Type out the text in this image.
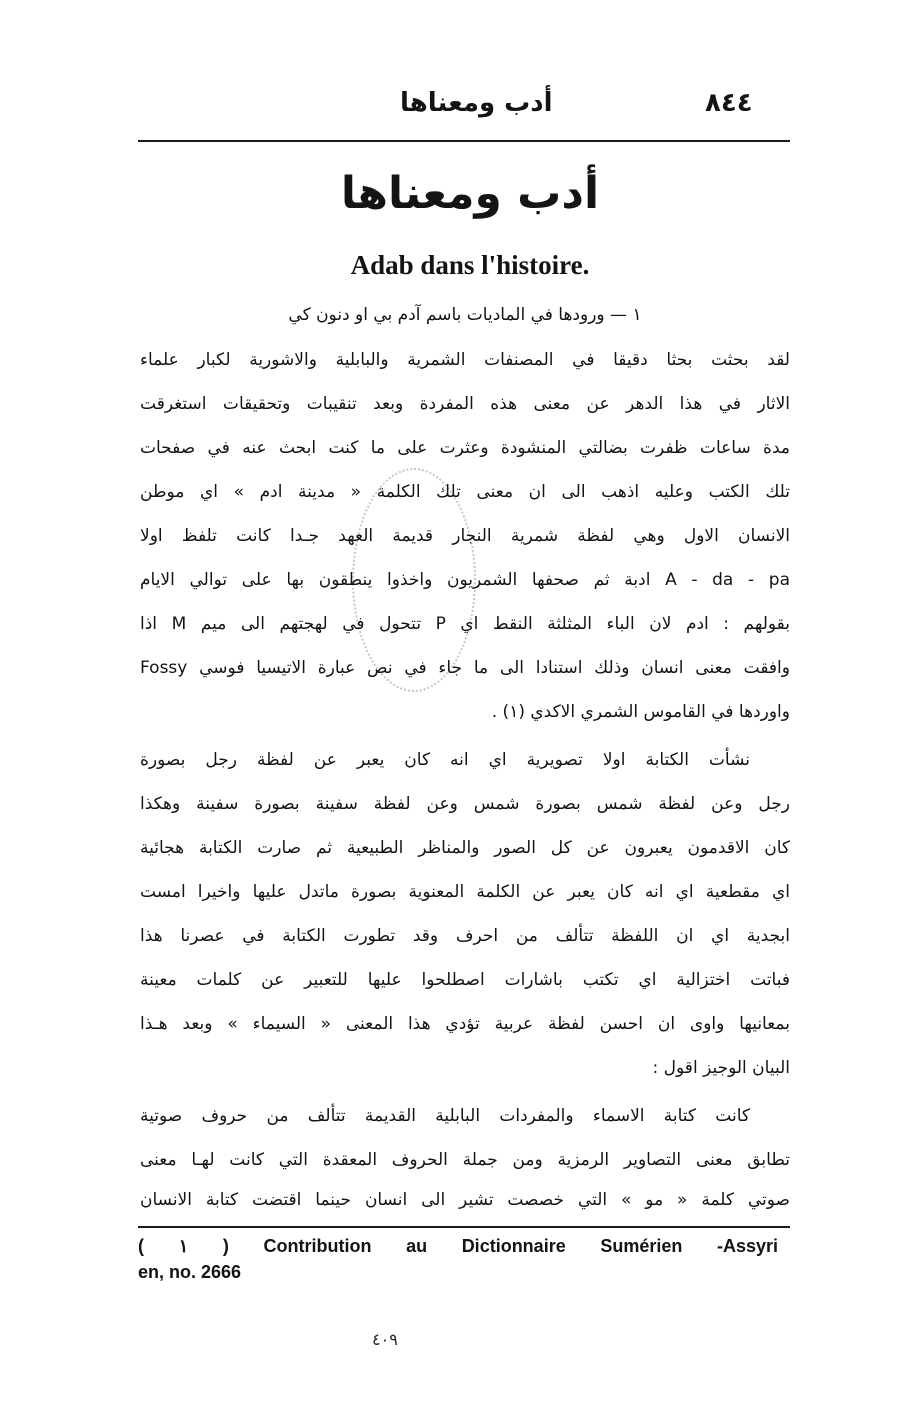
٨٤٤
أدب ومعناها
أدب ومعناها
Adab dans l'histoire.
١ — ورودها في الماديات باسم آدم بي او دنون كي
لقد بحثت بحثا دقيقا في المصنفات الشمرية والبابلية والاشورية لكبار علماء
الاثار في هذا الدهر عن معنى هذه المفردة وبعد تنقيبات وتحقيقات استغرقت
مدة ساعات ظفرت بضالتي المنشودة وعثرت على ما كنت ابحث عنه في صفحات
تلك الكتب وعليه اذهب الى ان معنى تلك الكلمة « مدينة ادم » اي موطن
الانسان الاول وهي لفظة شمرية النجار قديمة العهد جـدا كانت تلفظ اولا
A - da - pa ادبة ثم صحفها الشمريون واخذوا ينطقون بها على توالي الايام
بقولهم : ادم لان الباء المثلثة النقط اي P تتحول في لهجتهم الى ميم M اذا
وافقت معنى انسان وذلك استنادا الى ما جاء في نص عبارة الاتيسيا فوسي Fossy
واوردها في القاموس الشمري الاكدي (١) .
نشأت الكتابة اولا تصويرية اي انه كان يعبر عن لفظة رجل بصورة
رجل وعن لفظة شمس بصورة شمس وعن لفظة سفينة بصورة سفينة وهكذا
كان الاقدمون يعبرون عن كل الصور والمناظر الطبيعية ثم صارت الكتابة هجائية
اي مقطعية اي انه كان يعبر عن الكلمة المعنوية بصورة ماتدل عليها واخيرا امست
ابجدية اي ان اللفظة تتألف من احرف وقد تطورت الكتابة في عصرنا هذا
فباتت اختزالية اي تكتب باشارات اصطلحوا عليها للتعبير عن كلمات معينة
بمعانيها واوى ان احسن لفظة عربية تؤدي هذا المعنى « السيماء » وبعد هـذا
البيان الوجيز اقول :
كانت كتابة الاسماء والمفردات البابلية القديمة تتألف من حروف صوتية
تطابق معنى التصاوير الرمزية ومن جملة الحروف المعقدة التي كانت لهـا معنى
صوتي كلمة « مو » التي خصصت تشير الى انسان حينما اقتضت كتابة الانسان
( ١ ) Contribution au Dictionnaire Sumérien -Assyri
en, no. 2666
٤٠٩
